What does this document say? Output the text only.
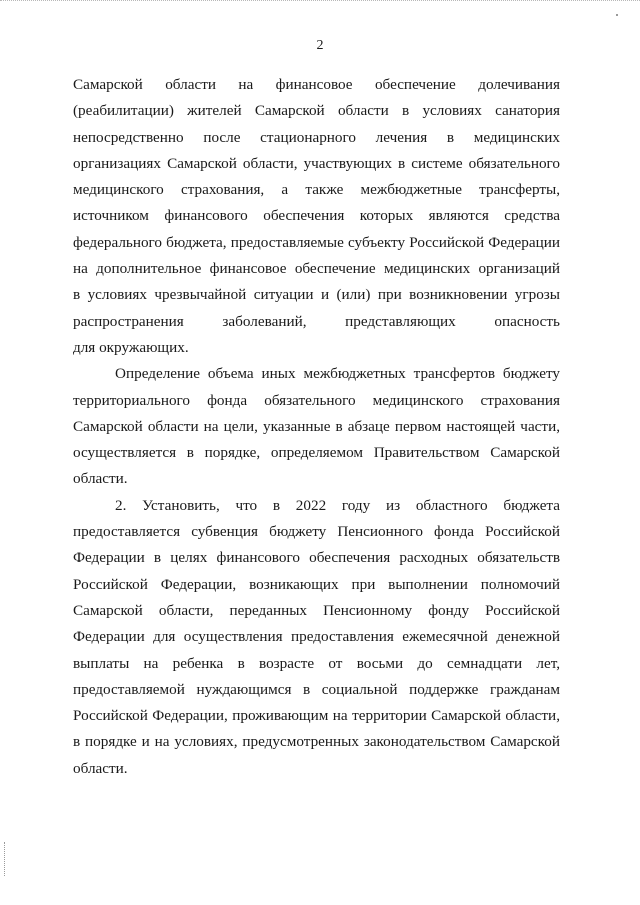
2
Самарской области на финансовое обеспечение долечивания
(реабилитации) жителей Самарской области в условиях санатория
непосредственно после стационарного лечения в медицинских
организациях Самарской области, участвующих в системе обязательного
медицинского страхования, а также межбюджетные трансферты,
источником финансового обеспечения которых являются средства
федерального бюджета, предоставляемые субъекту Российской Федерации
на дополнительное финансовое обеспечение медицинских организаций
в условиях чрезвычайной ситуации и (или) при возникновении угрозы
распространения заболеваний, представляющих опасность
для окружающих.
Определение объема иных межбюджетных трансфертов бюджету
территориального фонда обязательного медицинского страхования
Самарской области на цели, указанные в абзаце первом настоящей части,
осуществляется в порядке, определяемом Правительством Самарской
области.
2. Установить, что в 2022 году из областного бюджета
предоставляется субвенция бюджету Пенсионного фонда Российской
Федерации в целях финансового обеспечения расходных обязательств
Российской Федерации, возникающих при выполнении полномочий
Самарской области, переданных Пенсионному фонду Российской
Федерации для осуществления предоставления ежемесячной денежной
выплаты на ребенка в возрасте от восьми до семнадцати лет,
предоставляемой нуждающимся в социальной поддержке гражданам
Российской Федерации, проживающим на территории Самарской области,
в порядке и на условиях, предусмотренных законодательством Самарской
области.
